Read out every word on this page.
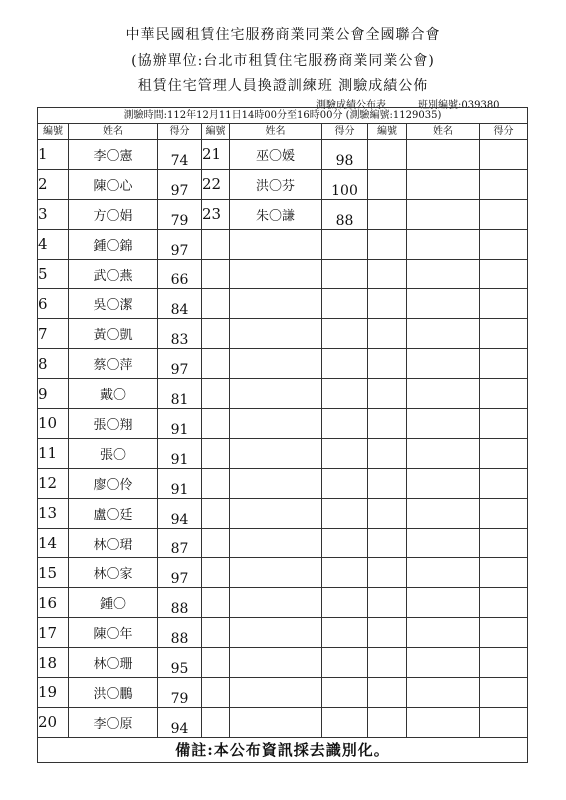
中華民國租賃住宅服務商業同業公會全國聯合會
(協辦單位:台北市租賃住宅服務商業同業公會)
租賃住宅管理人員換證訓練班 測驗成績公佈
測驗成績公布表	班別編號:039380
測驗時間:112年12月11日14時00分至16時00分 (測驗編號:1129035)								
編號	姓名	得分	編號	姓名	得分	編號	姓名	得分
1	李〇憲	74	21	巫〇媛	98			
2	陳〇心	97	22	洪〇芬	100			
3	方〇娟	79	23	朱〇謙	88			
4	鍾〇錦	97						
5	武〇燕	66						
6	吳〇潔	84						
7	黃〇凱	83						
8	蔡〇萍	97						
9	戴〇	81						
10	張〇翔	91						
11	張〇	91						
12	廖〇伶	91						
13	盧〇廷	94						
14	林〇珺	87						
15	林〇家	97						
16	鍾〇	88						
17	陳〇年	88						
18	林〇珊	95						
19	洪〇鵬	79						
20	李〇原	94						
備註:本公布資訊採去識別化。								
